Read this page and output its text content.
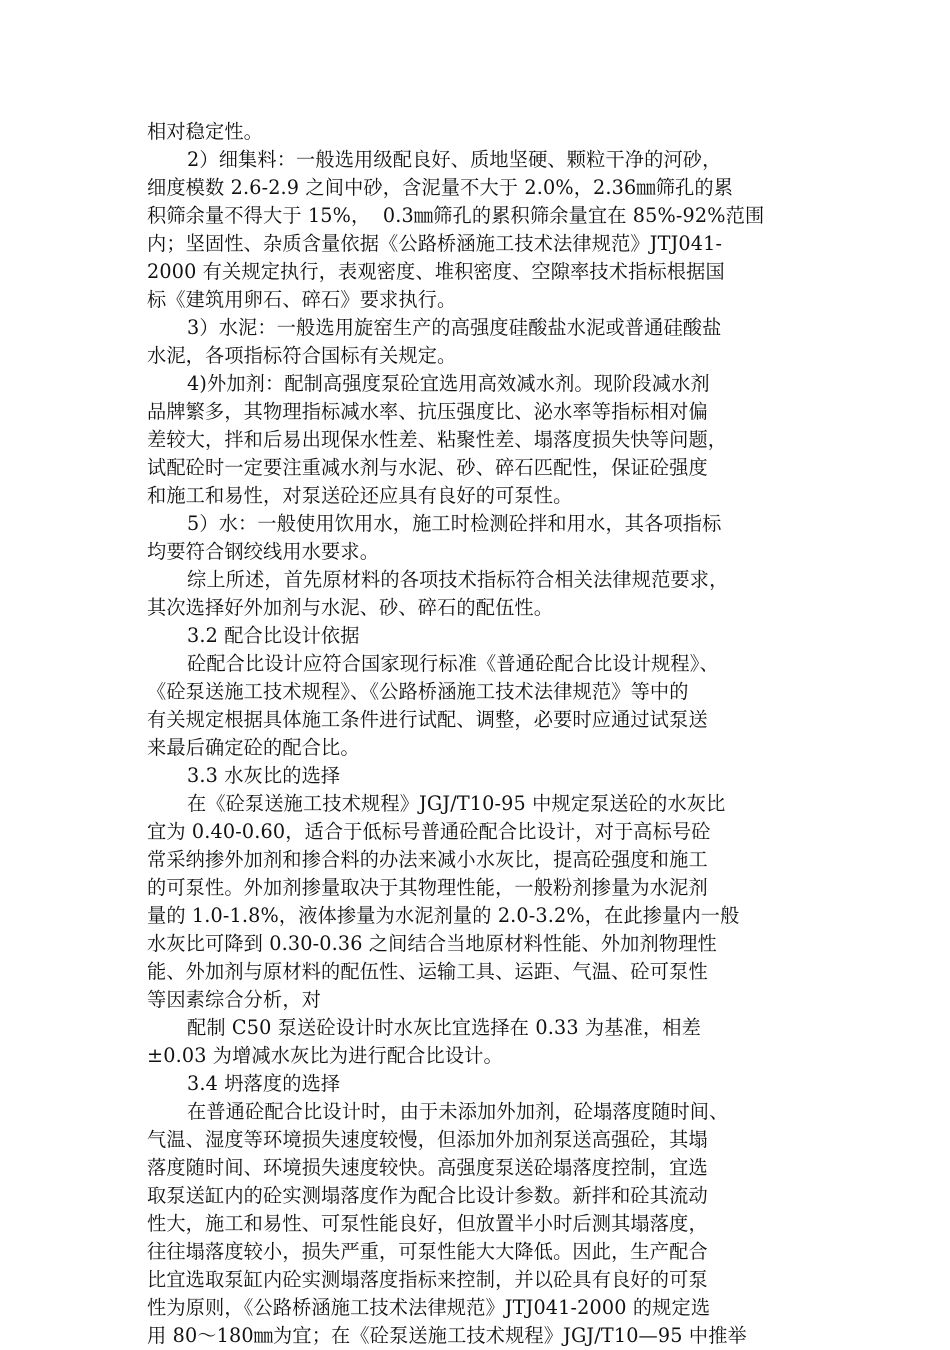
相对稳定性。
2）细集料：一般选用级配良好、质地坚硬、颗粒干净的河砂，
细度模数 2.6-2.9 之间中砂，含泥量不大于 2.0%，2.36㎜筛孔的累
积筛余量不得大于 15%，  0.3㎜筛孔的累积筛余量宜在 85%-92%范围
内；坚固性、杂质含量依据《公路桥涵施工技术法律规范》JTJ041-
2000 有关规定执行，表观密度、堆积密度、空隙率技术指标根据国
标《建筑用卵石、碎石》要求执行。
3）水泥：一般选用旋窑生产的高强度硅酸盐水泥或普通硅酸盐
水泥，各项指标符合国标有关规定。
4)外加剂：配制高强度泵砼宜选用高效减水剂。现阶段减水剂
品牌繁多，其物理指标减水率、抗压强度比、泌水率等指标相对偏
差较大，拌和后易出现保水性差、粘聚性差、塌落度损失快等问题，
试配砼时一定要注重减水剂与水泥、砂、碎石匹配性，保证砼强度
和施工和易性，对泵送砼还应具有良好的可泵性。
5）水：一般使用饮用水，施工时检测砼拌和用水，其各项指标
均要符合钢绞线用水要求。
综上所述，首先原材料的各项技术指标符合相关法律规范要求，
其次选择好外加剂与水泥、砂、碎石的配伍性。
3.2 配合比设计依据
砼配合比设计应符合国家现行标准《普通砼配合比设计规程》、
《砼泵送施工技术规程》、《公路桥涵施工技术法律规范》等中的
有关规定根据具体施工条件进行试配、调整，必要时应通过试泵送
来最后确定砼的配合比。
3.3 水灰比的选择
在《砼泵送施工技术规程》JGJ/T10-95 中规定泵送砼的水灰比
宜为 0.40-0.60，适合于低标号普通砼配合比设计，对于高标号砼
常采纳掺外加剂和掺合料的办法来减小水灰比，提高砼强度和施工
的可泵性。外加剂掺量取决于其物理性能，一般粉剂掺量为水泥剂
量的 1.0-1.8%，液体掺量为水泥剂量的 2.0-3.2%，在此掺量内一般
水灰比可降到 0.30-0.36 之间结合当地原材料性能、外加剂物理性
能、外加剂与原材料的配伍性、运输工具、运距、气温、砼可泵性
等因素综合分析，对
配制 C50 泵送砼设计时水灰比宜选择在 0.33 为基准，相差
±0.03 为增减水灰比为进行配合比设计。
3.4 坍落度的选择
在普通砼配合比设计时，由于未添加外加剂，砼塌落度随时间、
气温、湿度等环境损失速度较慢，但添加外加剂泵送高强砼，其塌
落度随时间、环境损失速度较快。高强度泵送砼塌落度控制，宜选
取泵送缸内的砼实测塌落度作为配合比设计参数。新拌和砼其流动
性大，施工和易性、可泵性能良好，但放置半小时后测其塌落度，
往往塌落度较小，损失严重，可泵性能大大降低。因此，生产配合
比宜选取泵缸内砼实测塌落度指标来控制，并以砼具有良好的可泵
性为原则，《公路桥涵施工技术法律规范》JTJ041-2000 的规定选
用 80～180㎜为宜；在《砼泵送施工技术规程》JGJ/T10—95 中推举
